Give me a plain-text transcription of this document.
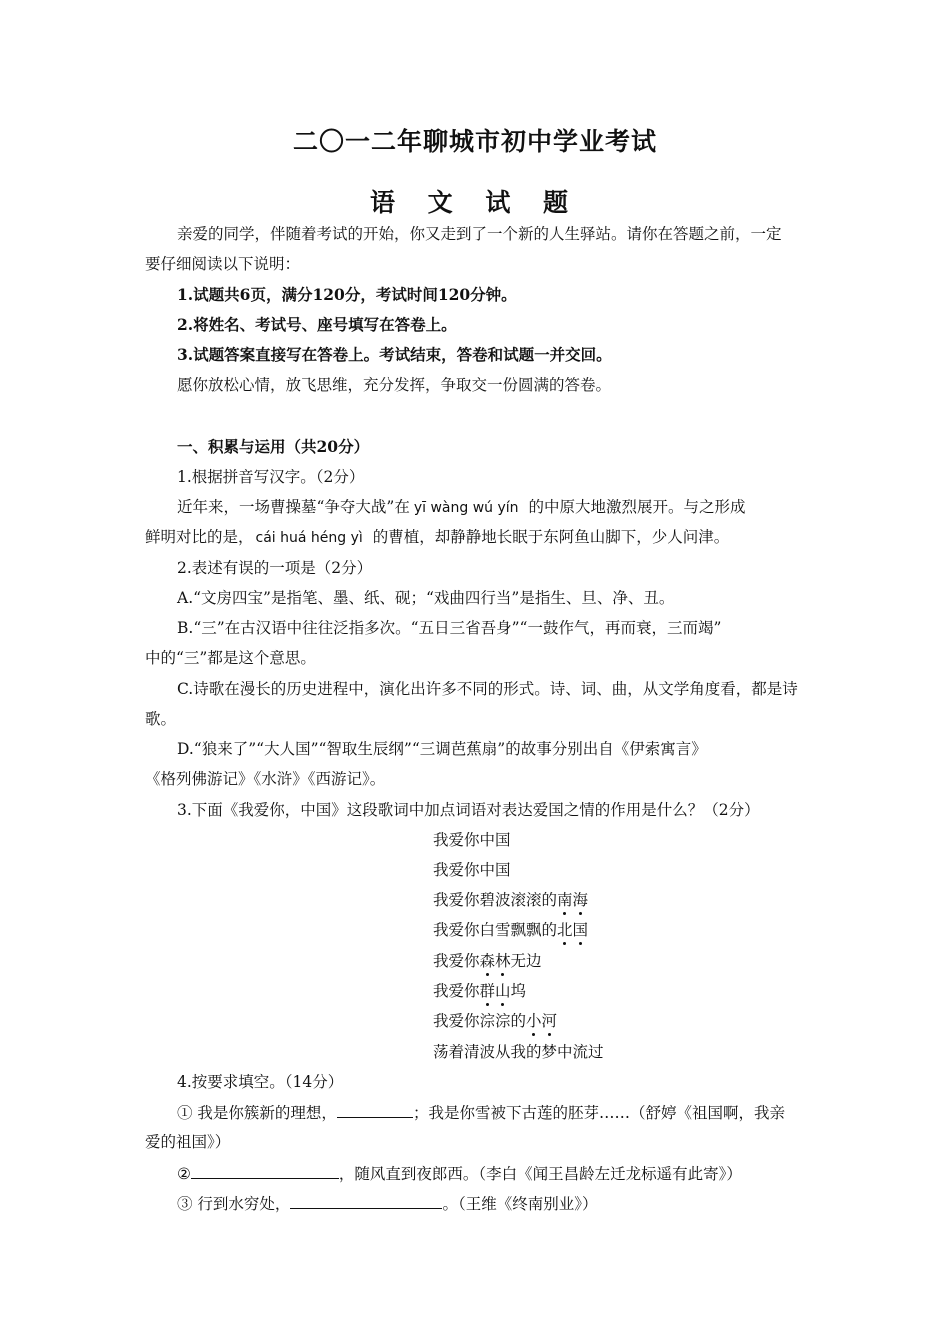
二〇一二年聊城市初中学业考试
语 文 试 题
亲爱的同学，伴随着考试的开始，你又走到了一个新的人生驿站。请你在答题之前，一定
要仔细阅读以下说明：
1.试题共6页，满分120分，考试时间120分钟。
2.将姓名、考试号、座号填写在答卷上。
3.试题答案直接写在答卷上。考试结束，答卷和试题一并交回。
愿你放松心情，放飞思维，充分发挥，争取交一份圆满的答卷。
一、积累与运用（共20分）
1.根据拼音写汉字。（2分）
近年来，一场曹操墓“争夺大战”在 yī wàng wú yín 的中原大地激烈展开。与之形成
鲜明对比的是， cái huá héng yì 的曹植，却静静地长眠于东阿鱼山脚下，少人问津。
2.表述有误的一项是（2分）
A.“文房四宝”是指笔、墨、纸、砚；“戏曲四行当”是指生、旦、净、丑。
B.“三”在古汉语中往往泛指多次。“五日三省吾身”“一鼓作气，再而衰，三而竭”
中的“三”都是这个意思。
C.诗歌在漫长的历史进程中，演化出许多不同的形式。诗、词、曲，从文学角度看，都是诗
歌。
D.“狼来了”“大人国”“智取生辰纲”“三调芭蕉扇”的故事分别出自《伊索寓言》
《格列佛游记》《水浒》《西游记》。
3.下面《我爱你，中国》这段歌词中加点词语对表达爱国之情的作用是什么？（2分）
我爱你中国
我爱你中国
我爱你碧波滚滚的南海
我爱你白雪飘飘的北国
我爱你森林无边
我爱你群山坞
我爱你淙淙的小河
荡着清波从我的梦中流过
4.按要求填空。（14分）
① 我是你簇新的理想，	；我是你雪被下古莲的胚芽……（舒婷《祖国啊，我亲
爱的祖国》）
②	，随风直到夜郎西。（李白《闻王昌龄左迁龙标遥有此寄》）
③ 行到水穷处，	。（王维《终南别业》）
